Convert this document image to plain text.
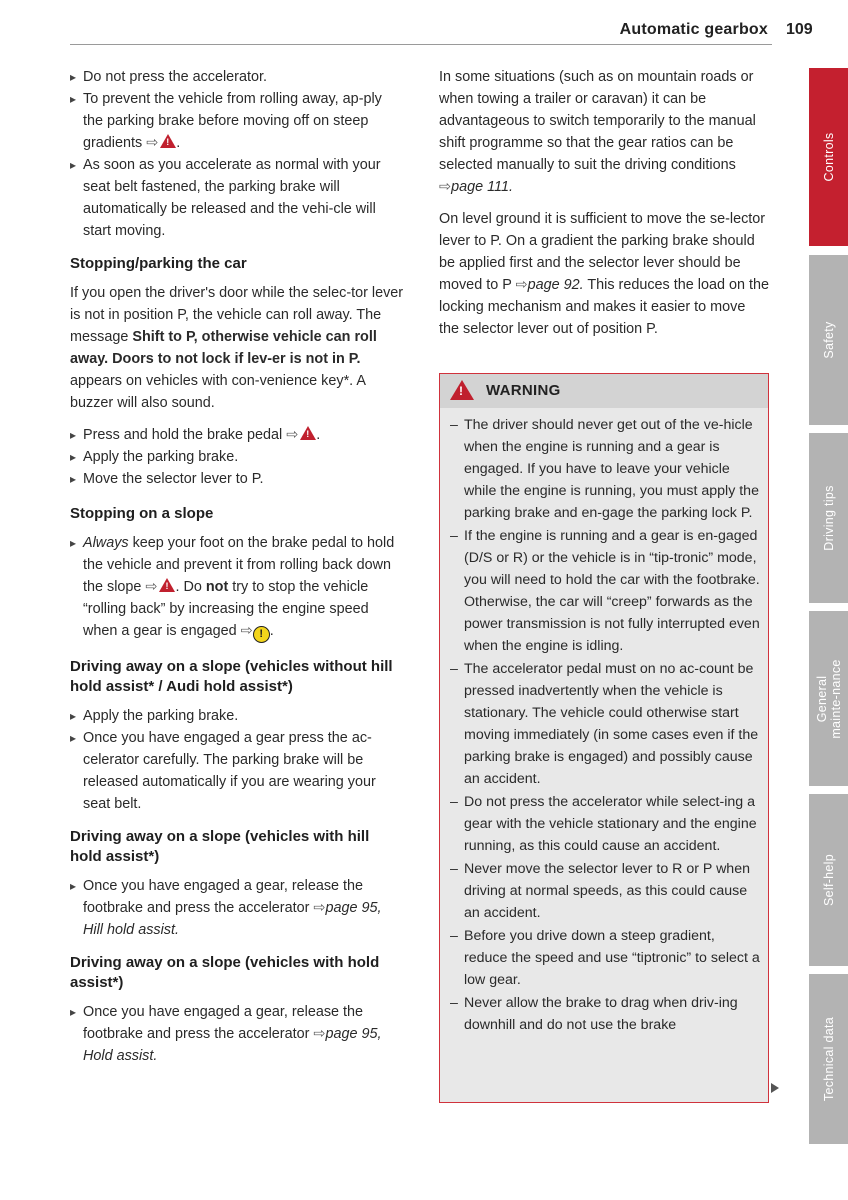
Automatic gearbox 109

▸ Do not press the accelerator.

▸ To prevent the vehicle from rolling away, ap-ply the parking brake before moving off on steep gradients ⇨ ! .

▸ As soon as you accelerate as normal with your seat belt fastened, the parking brake will automatically be released and the vehi-cle will start moving.

Stopping/parking the car

If you open the driver's door while the selec-tor lever is not in position P, the vehicle can roll away. The message Shift to P, otherwise vehicle can roll away. Doors to not lock if lev-er is not in P. appears on vehicles with con-venience key*. A buzzer will also sound.

▸ Press and hold the brake pedal ⇨ ! .

▸ Apply the parking brake.

▸ Move the selector lever to P.

Stopping on a slope

▸ Always keep your foot on the brake pedal to hold the vehicle and prevent it from rolling back down the slope ⇨ ! . Do not try to stop the vehicle “rolling back” by increasing the engine speed when a gear is engaged ⇨ ! .

Driving away on a slope (vehicles without hill hold assist* / Audi hold assist*)

▸ Apply the parking brake.

▸ Once you have engaged a gear press the ac-celerator carefully. The parking brake will be released automatically if you are wearing your seat belt.

Driving away on a slope (vehicles with hill hold assist*)

▸ Once you have engaged a gear, release the footbrake and press the accelerator ⇨page 95, Hill hold assist.

Driving away on a slope (vehicles with hold assist*)

▸ Once you have engaged a gear, release the footbrake and press the accelerator ⇨page 95, Hold assist.

In some situations (such as on mountain roads or when towing a trailer or caravan) it can be advantageous to switch temporarily to the manual shift programme so that the gear ratios can be selected manually to suit the driving conditions ⇨page 111.

On level ground it is sufficient to move the se-lector lever to P. On a gradient the parking brake should be applied first and the selector lever should be moved to P ⇨page 92. This reduces the load on the locking mechanism and makes it easier to move the selector lever out of position P.

! WARNING

– The driver should never get out of the ve-hicle when the engine is running and a gear is engaged. If you have to leave your vehicle while the engine is running, you must apply the parking brake and en-gage the parking lock P.

– If the engine is running and a gear is en-gaged (D/S or R) or the vehicle is in “tip-tronic” mode, you will need to hold the car with the footbrake. Otherwise, the car will “creep” forwards as the power transmission is not fully interrupted even when the engine is idling.

– The accelerator pedal must on no ac-count be pressed inadvertently when the vehicle is stationary. The vehicle could otherwise start moving immediately (in some cases even if the parking brake is engaged) and possibly cause an accident.

– Do not press the accelerator while select-ing a gear with the vehicle stationary and the engine running, as this could cause an accident.

– Never move the selector lever to R or P when driving at normal speeds, as this could cause an accident.

– Before you drive down a steep gradient, reduce the speed and use “tiptronic” to select a low gear.

– Never allow the brake to drag when driv-ing downhill and do not use the brake

Controls
Safety
Driving tips
General mainte-nance
Self-help
Technical data
